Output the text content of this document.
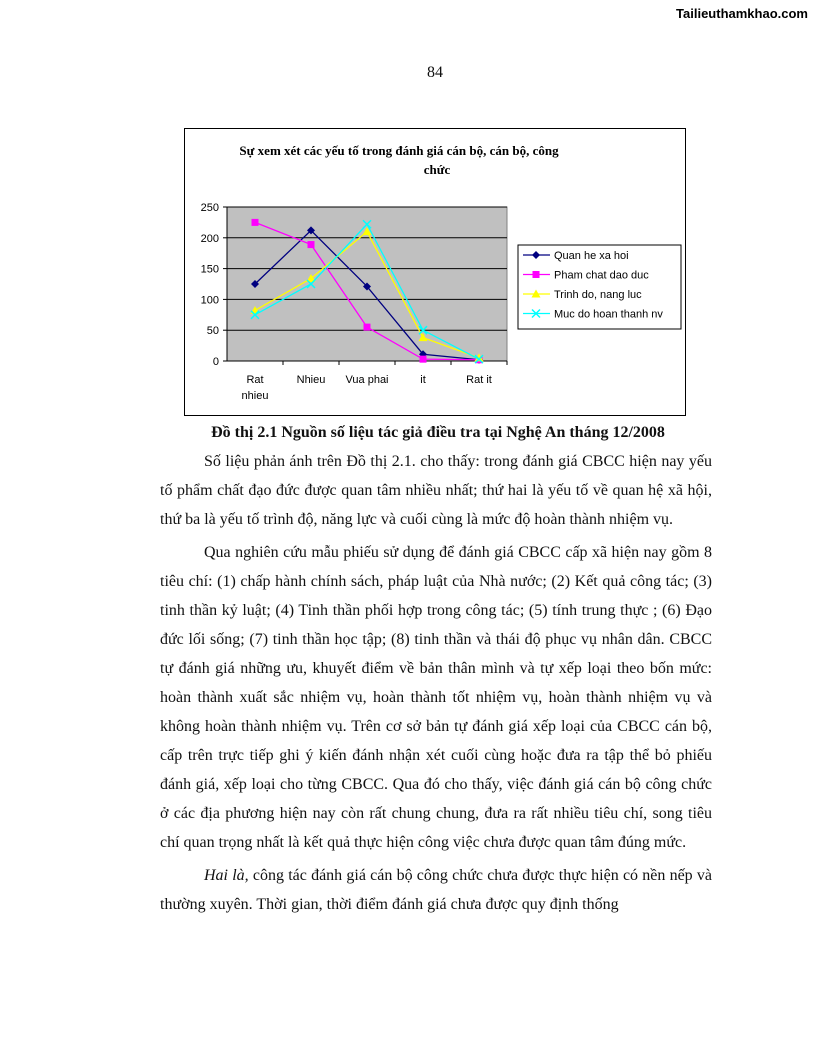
Tailieuthamkhao.com
84
Sự xem xét các yếu tố trong đánh giá cán bộ, cán bộ, công
chức
0
50
100
150
200
250
Rat nhieu
Nhieu Vua phai	it	Rat it
Quan he xa hoi
Pham chat dao duc
Trinh do, nang luc
Muc do hoan thanh nv
Đồ thị 2.1 Nguồn số liệu tác giả điều tra tại Nghệ An tháng 12/2008

Số liệu phản ánh trên Đồ thị 2.1. cho thấy: trong đánh giá CBCC hiện nay yếu tố phẩm chất đạo đức được quan tâm nhiều nhất; thứ hai là yếu tố về quan hệ xã hội, thứ ba là yếu tố trình độ, năng lực và cuối cùng là mức độ hoàn thành nhiệm vụ.

Qua nghiên cứu mẫu phiếu sử dụng để đánh giá CBCC cấp xã hiện nay gồm 8 tiêu chí: (1) chấp hành chính sách, pháp luật của Nhà nước; (2) Kết quả công tác; (3) tinh thần kỷ luật; (4) Tinh thần phối hợp trong công tác; (5) tính trung thực ; (6) Đạo đức lối sống; (7) tinh thần học tập; (8) tinh thần và thái độ phục vụ nhân dân. CBCC tự đánh giá những ưu, khuyết điểm về bản thân mình và tự xếp loại theo bốn mức: hoàn thành xuất sắc nhiệm vụ, hoàn thành tốt nhiệm vụ, hoàn thành nhiệm vụ và không hoàn thành nhiệm vụ. Trên cơ sở bản tự đánh giá xếp loại của CBCC cán bộ, cấp trên trực tiếp ghi ý kiến đánh nhận xét cuối cùng hoặc đưa ra tập thể bỏ phiếu đánh giá, xếp loại cho từng CBCC. Qua đó cho thấy, việc đánh giá cán bộ công chức ở các địa phương hiện nay còn rất chung chung, đưa ra rất nhiều tiêu chí, song tiêu chí quan trọng nhất là kết quả thực hiện công việc chưa được quan tâm đúng mức.

Hai là, công tác đánh giá cán bộ công chức chưa được thực hiện có nền nếp và thường xuyên. Thời gian, thời điểm đánh giá chưa được quy định thống
